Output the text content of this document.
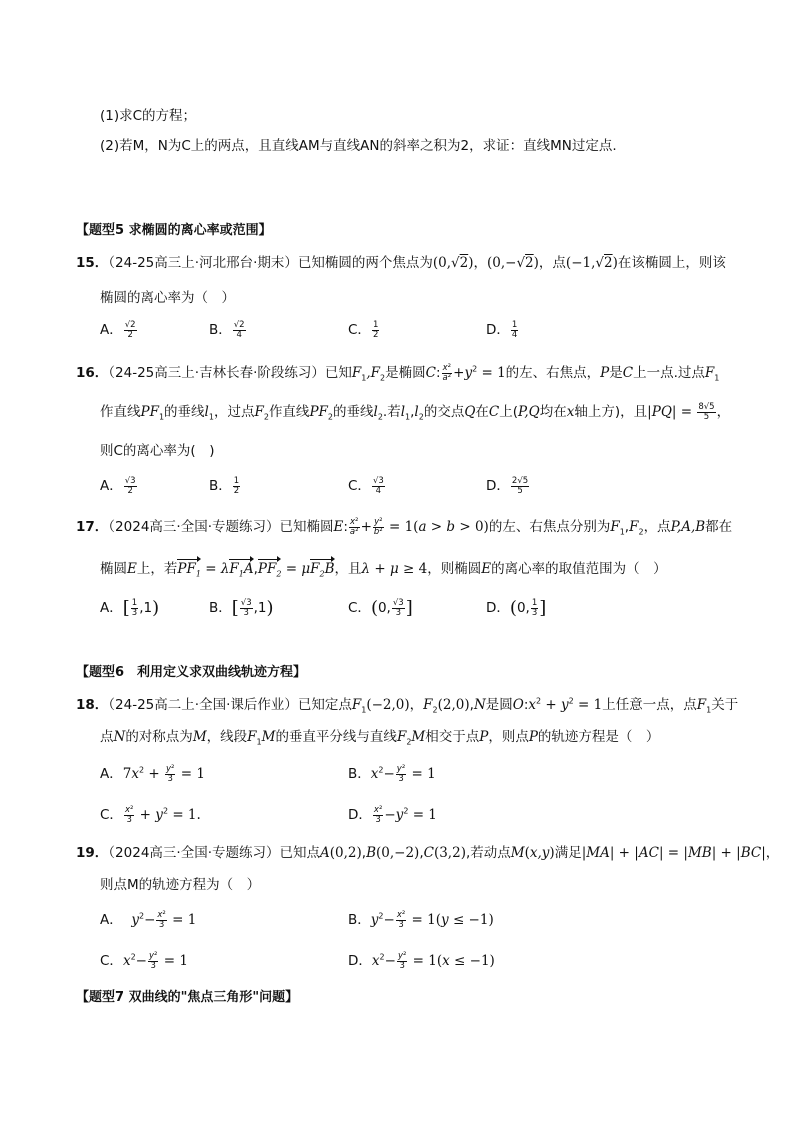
(1)求C的方程；
(2)若M，N为C上的两点，且直线AM与直线AN的斜率之积为2，求证：直线MN过定点.
【题型5 求椭圆的离心率或范围】
15．（24-25高三上·河北邢台·期末）已知椭圆的两个焦点为(0,√2)，(0,−√2)，点(−1,√2)在该椭圆上，则该
椭圆的离心率为（　）
A． $\frac{√2}{2}$	B． $\frac{√2}{4}$	C． $\frac{1}{2}$	D． $\frac{1}{4}$
16．（24-25高三上·吉林长春·阶段练习）已知$F_1,F_2$是椭圆C: $\frac{\text{x²}}{\text{a²}} +y^2 = 1$的左、右焦点，P是C上一点.过点$F_1$
作直线$PF_1$的垂线$l_1$，过点$F_2$作直线$PF_2$的垂线$l_2$.若$l_1,l_2$的交点Q在C上(P,Q均在x轴上方)，且$|PQ| = \frac{8√5}{5}$ ，
则C的离心率为(　)
A． $\frac{√3}{2}$	B． $\frac{1}{2}$	C． $\frac{√3}{4}$	D． $\frac{2√5}{5}$
17．（2024高三·全国·专题练习）已知椭圆E: $\frac{\text{x²}}{\text{a²}} + \frac{\text{y²}}{\text{b²}} = 1(a > b > 0)$的左、右焦点分别为$F_1,F_2$，点P,A,B都在
椭圆E上，若$PF_1 = \lambda F_1A,PF_2 = \mu F_2B$，且λ + μ ≥ 4，则椭圆E的离心率的取值范围为（　）
A．[ $\frac{1}{3} ,1$)	B．[ $\frac{√3}{3} ,1$)	C．(0, $\frac{√3}{3}$ ]	D．(0, $\frac{1}{3}$ ]
【题型6　利用定义求双曲线轨迹方程】
18．（24-25高二上·全国·课后作业）已知定点$F_1(-2,0)$，$F_2(2,0),N$是圆$O:x^2 + y^2 = 1$上任意一点，点$F_1$关于
点N的对称点为M，线段$F_1M$的垂直平分线与直线$F_2M$相交于点P，则点P的轨迹方程是（　）
A．$7x^2 + \frac{\text{y²}}{3} = 1$	B．$x^2- \frac{\text{y²}}{3} = 1$
C． $\frac{\text{x²}}{3} + y^2 = 1$.	D． $\frac{\text{x²}}{3} -y^2 = 1$
19．（2024高三·全国·专题练习）已知点A(0,2),B(0,−2),C(3,2),若动点M(x,y)满足|MA| + |AC| = |MB| + |BC|，
则点M的轨迹方程为（　）
A． $y^2- \frac{\text{x²}}{3} = 1$	B．$y^2- \frac{\text{x²}}{3} = 1(y \le -1)$
C．$x^2- \frac{\text{y²}}{3} = 1$	D．$x^2- \frac{\text{y²}}{3} = 1(x \le -1)$
【题型7 双曲线的"焦点三角形"问题】
